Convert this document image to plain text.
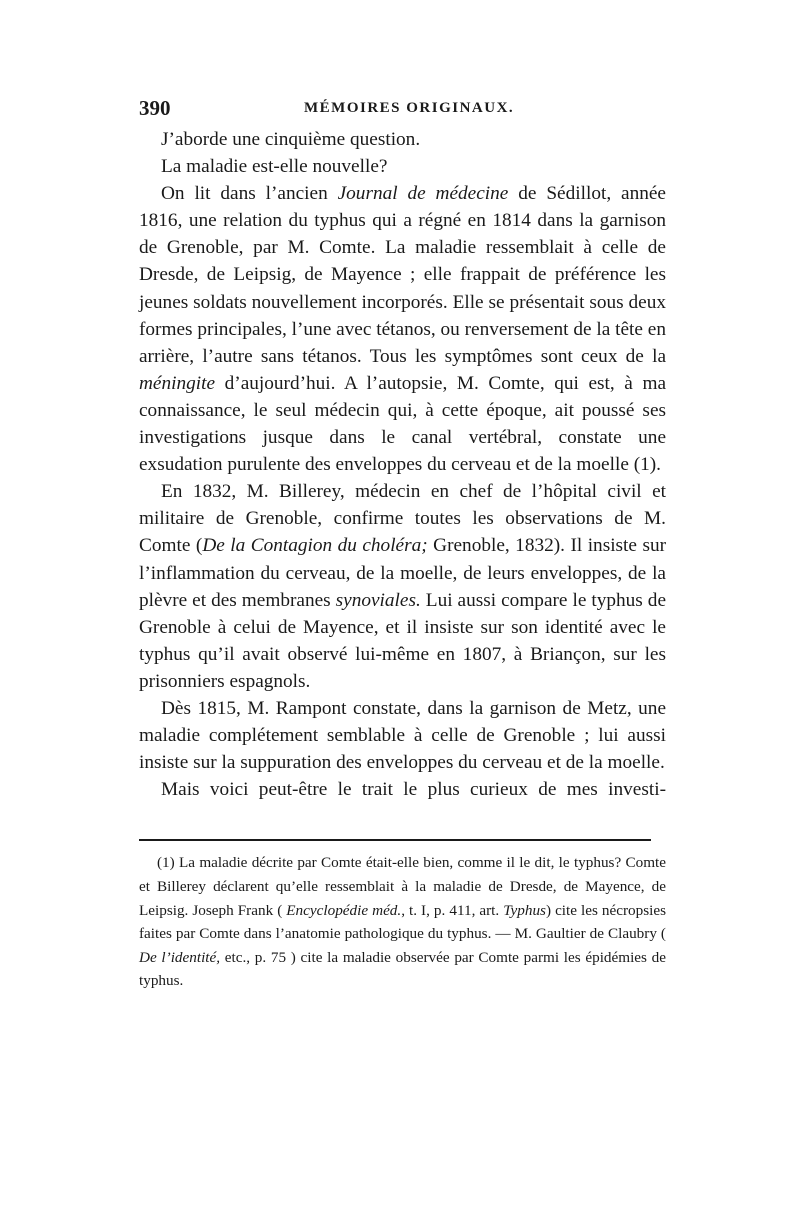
390	MÉMOIRES ORIGINAUX.

J’aborde une cinquième question.

La maladie est-elle nouvelle?

On lit dans l’ancien Journal de médecine de Sédillot, année 1816, une relation du typhus qui a régné en 1814 dans la garnison de Grenoble, par M. Comte. La maladie ressemblait à celle de Dresde, de Leipsig, de Mayence ; elle frappait de préférence les jeunes soldats nouvellement incorporés. Elle se présentait sous deux formes principales, l’une avec tétanos, ou renversement de la tête en arrière, l’autre sans tétanos. Tous les symptômes sont ceux de la méningite d’aujourd’hui. A l’autopsie, M. Comte, qui est, à ma connaissance, le seul médecin qui, à cette époque, ait poussé ses investigations jusque dans le canal vertébral, constate une exsudation purulente des enveloppes du cerveau et de la moelle (1).

En 1832, M. Billerey, médecin en chef de l’hôpital civil et militaire de Grenoble, confirme toutes les observations de M. Comte (De la Contagion du choléra; Grenoble, 1832). Il insiste sur l’inflammation du cerveau, de la moelle, de leurs enveloppes, de la plèvre et des membranes synoviales. Lui aussi compare le typhus de Grenoble à celui de Mayence, et il insiste sur son identité avec le typhus qu’il avait observé lui-même en 1807, à Briançon, sur les prisonniers espagnols.

Dès 1815, M. Rampont constate, dans la garnison de Metz, une maladie complétement semblable à celle de Grenoble ; lui aussi insiste sur la suppuration des enveloppes du cerveau et de la moelle.

Mais voici peut-être le trait le plus curieux de mes investi-

(1) La maladie décrite par Comte était-elle bien, comme il le dit, le typhus? Comte et Billerey déclarent qu’elle ressemblait à la maladie de Dresde, de Mayence, de Leipsig. Joseph Frank ( Encyclopédie méd., t. I, p. 411, art. Typhus) cite les nécropsies faites par Comte dans l’anatomie pathologique du typhus. — M. Gaultier de Claubry ( De l’identité, etc., p. 75 ) cite la maladie observée par Comte parmi les épidémies de typhus.
